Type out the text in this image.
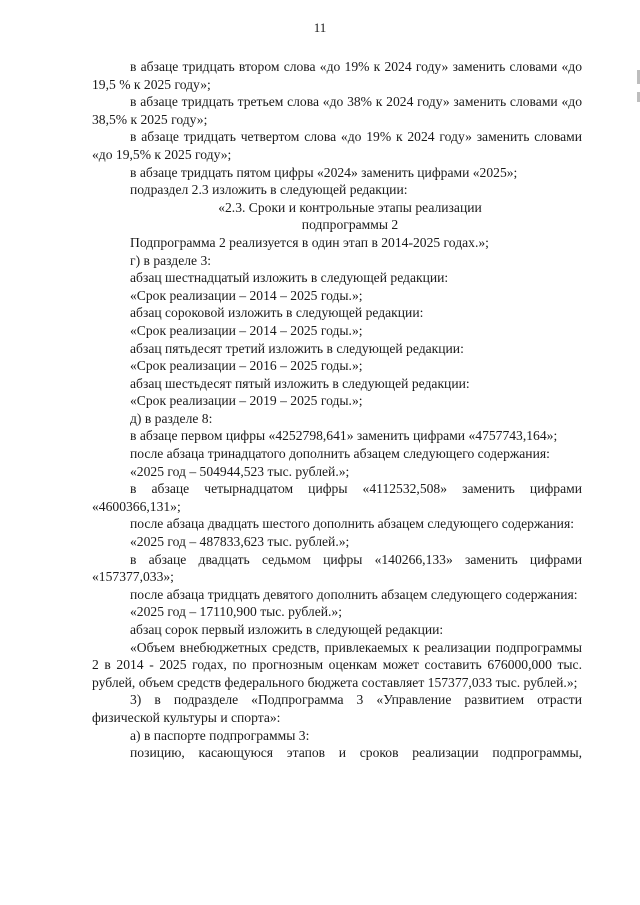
11

в абзаце тридцать втором слова «до 19% к 2024 году» заменить словами «до 19,5 % к 2025 году»;

в абзаце тридцать третьем слова «до 38% к 2024 году» заменить словами «до 38,5% к 2025 году»;

в абзаце тридцать четвертом слова «до 19% к 2024 году» заменить словами «до 19,5% к 2025 году»;

в абзаце тридцать пятом цифры «2024» заменить цифрами «2025»;

подраздел 2.3 изложить в следующей редакции:

«2.3. Сроки и контрольные этапы реализации

подпрограммы 2

Подпрограмма 2 реализуется в один этап в 2014-2025 годах.»;

г) в разделе 3:

абзац шестнадцатый изложить в следующей редакции:

«Срок реализации – 2014 – 2025 годы.»;

абзац сороковой изложить в следующей редакции:

«Срок реализации – 2014 – 2025 годы.»;

абзац пятьдесят третий изложить в следующей редакции:

«Срок реализации – 2016 – 2025 годы.»;

абзац шестьдесят пятый изложить в следующей редакции:

«Срок реализации – 2019 – 2025 годы.»;

д) в разделе 8:

в абзаце первом цифры «4252798,641» заменить цифрами «4757743,164»;

после абзаца тринадцатого дополнить абзацем следующего содержания:

«2025 год – 504944,523 тыс. рублей.»;

в абзаце четырнадцатом цифры «4112532,508» заменить цифрами «4600366,131»;

после абзаца двадцать шестого дополнить абзацем следующего содержания:

«2025 год – 487833,623 тыс. рублей.»;

в абзаце двадцать седьмом цифры «140266,133» заменить цифрами «157377,033»;

после абзаца тридцать девятого дополнить абзацем следующего содержания:

«2025 год – 17110,900 тыс. рублей.»;

абзац сорок первый изложить в следующей редакции:

«Объем внебюджетных средств, привлекаемых к реализации подпрограммы 2 в 2014 - 2025 годах, по прогнозным оценкам может составить 676000,000 тыс. рублей, объем средств федерального бюджета составляет 157377,033 тыс. рублей.»;

3) в подразделе «Подпрограмма 3 «Управление развитием отрасти физической культуры и спорта»:

а) в паспорте подпрограммы 3:

позицию, касающуюся этапов и сроков реализации подпрограммы,
